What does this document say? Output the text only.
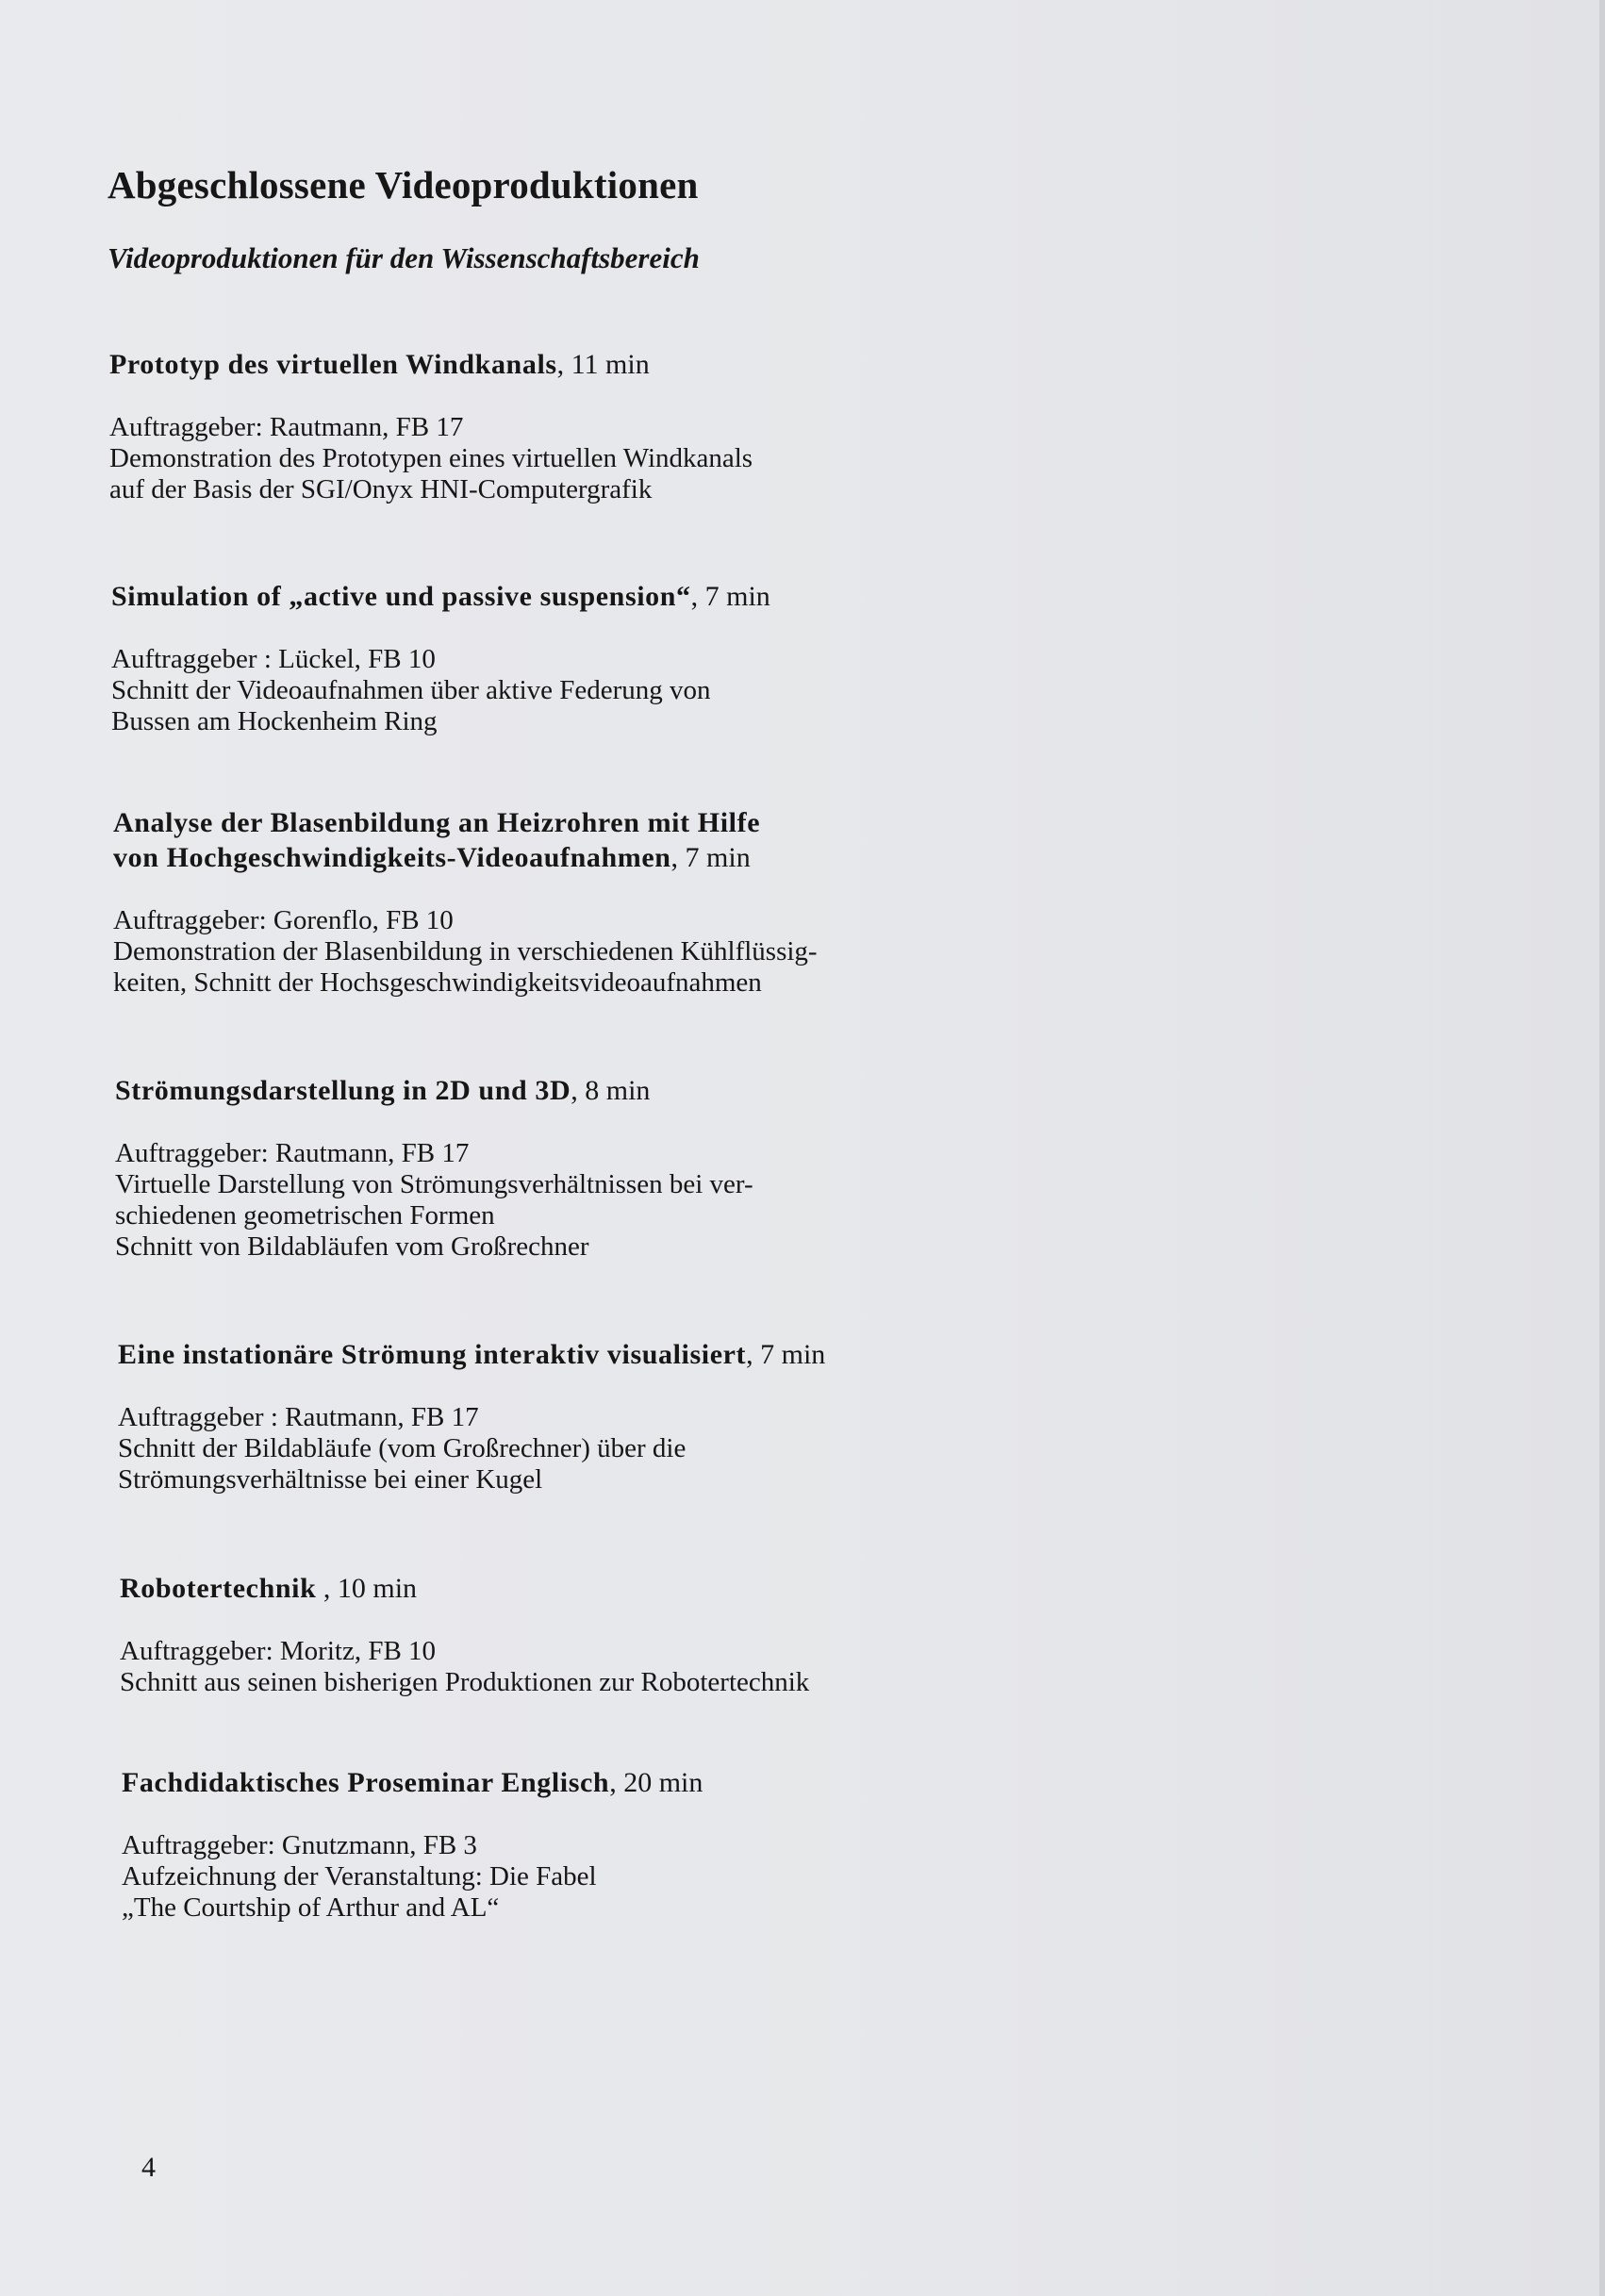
Abgeschlossene Videoproduktionen
Videoproduktionen für den Wissenschaftsbereich

Prototyp des virtuellen Windkanals, 11 min

Auftraggeber: Rautmann, FB 17
Demonstration des Prototypen eines virtuellen Windkanals
auf der Basis der SGI/Onyx HNI-Computergrafik

Simulation of „active und passive suspension“, 7 min

Auftraggeber : Lückel, FB 10
Schnitt der Videoaufnahmen über aktive Federung von
Bussen am Hockenheim Ring

Analyse der Blasenbildung an Heizrohren mit Hilfe
von Hochgeschwindigkeits-Videoaufnahmen, 7 min

Auftraggeber: Gorenflo, FB 10
Demonstration der Blasenbildung in verschiedenen Kühlflüssig-
keiten, Schnitt der Hochsgeschwindigkeitsvideoaufnahmen

Strömungsdarstellung in 2D und 3D, 8 min

Auftraggeber: Rautmann, FB 17
Virtuelle Darstellung von Strömungsverhältnissen bei ver-
schiedenen geometrischen Formen
Schnitt von Bildabläufen vom Großrechner

Eine instationäre Strömung interaktiv visualisiert, 7 min

Auftraggeber : Rautmann, FB 17
Schnitt der Bildabläufe (vom Großrechner) über die
Strömungsverhältnisse bei einer Kugel

Robotertechnik , 10 min

Auftraggeber: Moritz, FB 10
Schnitt aus seinen bisherigen Produktionen zur Robotertechnik

Fachdidaktisches Proseminar Englisch, 20 min

Auftraggeber: Gnutzmann, FB 3
Aufzeichnung der Veranstaltung: Die Fabel
„The Courtship of Arthur and AL“
4
